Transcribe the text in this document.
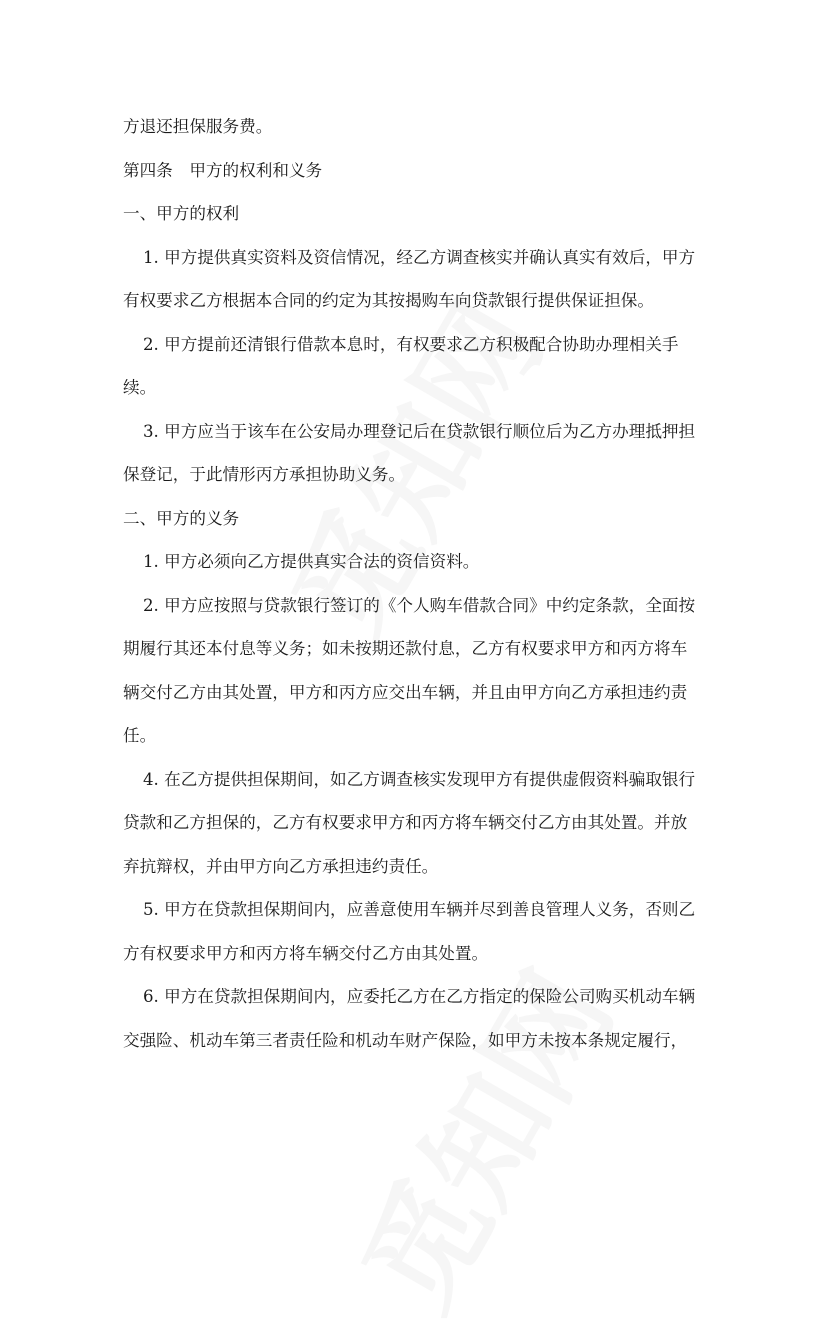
方退还担保服务费。
第四条　甲方的权利和义务
一、甲方的权利
1. 甲方提供真实资料及资信情况，经乙方调查核实并确认真实有效后，甲方
有权要求乙方根据本合同的约定为其按揭购车向贷款银行提供保证担保。
2. 甲方提前还清银行借款本息时，有权要求乙方积极配合协助办理相关手
续。
3. 甲方应当于该车在公安局办理登记后在贷款银行顺位后为乙方办理抵押担
保登记，于此情形丙方承担协助义务。
二、甲方的义务
1. 甲方必须向乙方提供真实合法的资信资料。
2. 甲方应按照与贷款银行签订的《个人购车借款合同》中约定条款，全面按
期履行其还本付息等义务；如未按期还款付息，乙方有权要求甲方和丙方将车
辆交付乙方由其处置，甲方和丙方应交出车辆，并且由甲方向乙方承担违约责
任。
4. 在乙方提供担保期间，如乙方调查核实发现甲方有提供虚假资料骗取银行
贷款和乙方担保的，乙方有权要求甲方和丙方将车辆交付乙方由其处置。并放
弃抗辩权，并由甲方向乙方承担违约责任。
5. 甲方在贷款担保期间内，应善意使用车辆并尽到善良管理人义务，否则乙
方有权要求甲方和丙方将车辆交付乙方由其处置。
6. 甲方在贷款担保期间内，应委托乙方在乙方指定的保险公司购买机动车辆
交强险、机动车第三者责任险和机动车财产保险，如甲方未按本条规定履行，
